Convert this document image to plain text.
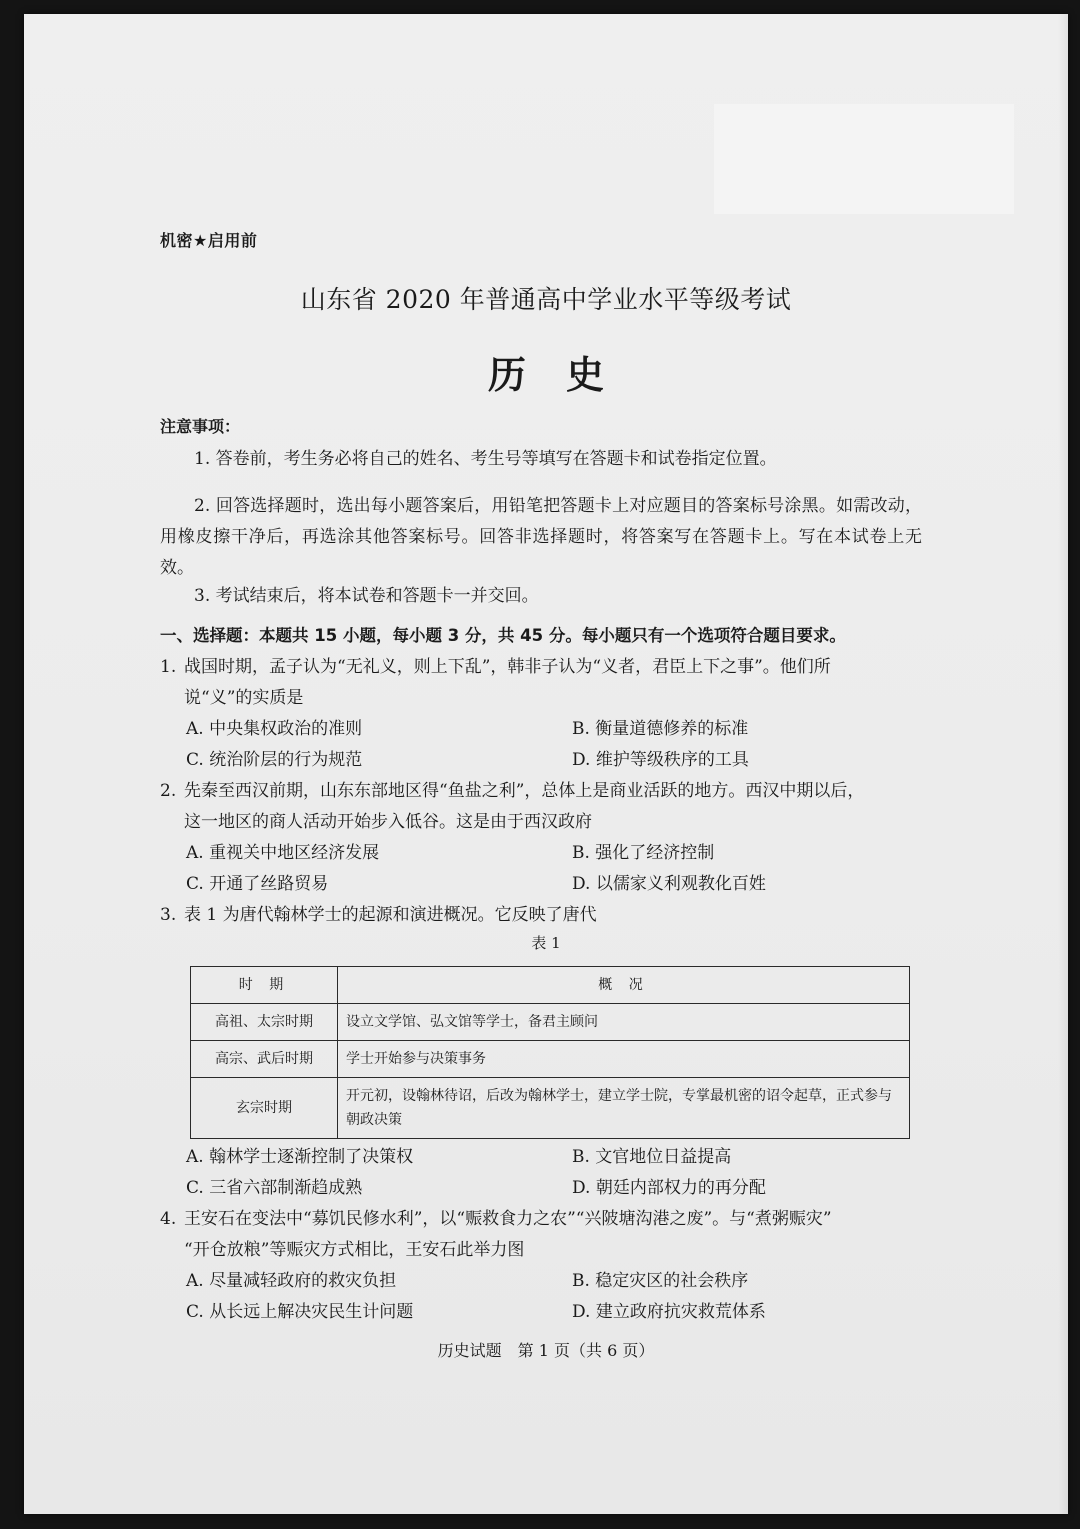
机密★启用前
山东省 2020 年普通高中学业水平等级考试
历史
注意事项：
1. 答卷前，考生务必将自己的姓名、考生号等填写在答题卡和试卷指定位置。
2. 回答选择题时，选出每小题答案后，用铅笔把答题卡上对应题目的答案标号涂黑。如需改动，用橡皮擦干净后，再选涂其他答案标号。回答非选择题时，将答案写在答题卡上。写在本试卷上无效。
3. 考试结束后，将本试卷和答题卡一并交回。
一、选择题：本题共 15 小题，每小题 3 分，共 45 分。每小题只有一个选项符合题目要求。
1. 战国时期，孟子认为“无礼义，则上下乱”，韩非子认为“义者，君臣上下之事”。他们所
说“义”的实质是
A. 中央集权政治的准则	B. 衡量道德修养的标准
C. 统治阶层的行为规范	D. 维护等级秩序的工具
2. 先秦至西汉前期，山东东部地区得“鱼盐之利”，总体上是商业活跃的地方。西汉中期以后，
这一地区的商人活动开始步入低谷。这是由于西汉政府
A. 重视关中地区经济发展	B. 强化了经济控制
C. 开通了丝路贸易	D. 以儒家义利观教化百姓
3. 表 1 为唐代翰林学士的起源和演进概况。它反映了唐代
表 1
时 期	概 况
高祖、太宗时期	设立文学馆、弘文馆等学士，备君主顾问
高宗、武后时期	学士开始参与决策事务
玄宗时期	开元初，设翰林待诏，后改为翰林学士，建立学士院，专掌最机密的诏令起草，正式参与朝政决策
A. 翰林学士逐渐控制了决策权	B. 文官地位日益提高
C. 三省六部制渐趋成熟	D. 朝廷内部权力的再分配
4. 王安石在变法中“募饥民修水利”，以“赈救食力之农”“兴陂塘沟港之废”。与“煮粥赈灾”
“开仓放粮”等赈灾方式相比，王安石此举力图
A. 尽量减轻政府的救灾负担	B. 稳定灾区的社会秩序
C. 从长远上解决灾民生计问题	D. 建立政府抗灾救荒体系
历史试题　第 1 页（共 6 页）
